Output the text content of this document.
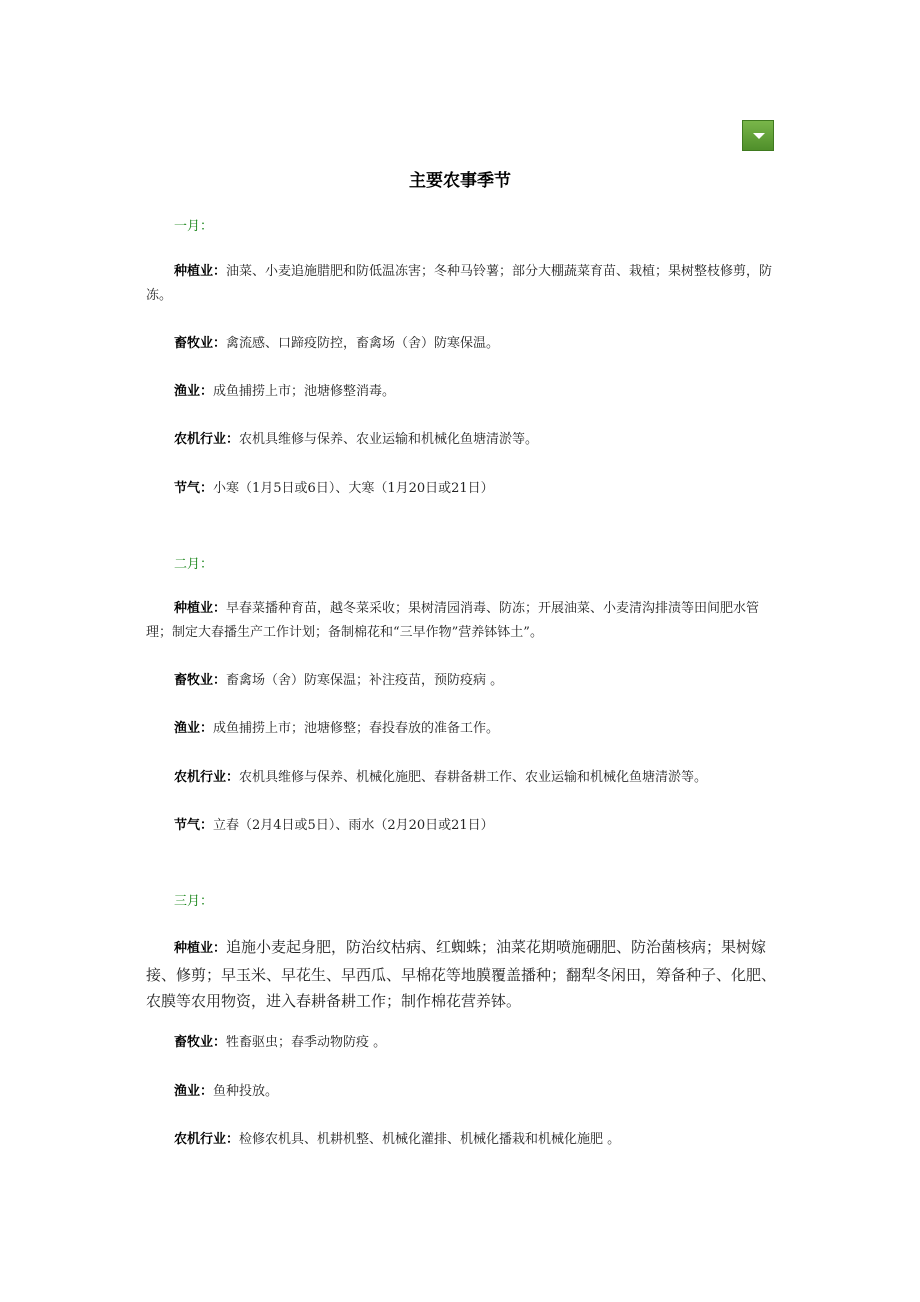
主要农事季节

一月：

种植业：油菜、小麦追施腊肥和防低温冻害；冬种马铃薯；部分大棚蔬菜育苗、栽植；果树整枝修剪，防冻。

畜牧业：禽流感、口蹄疫防控，畜禽场（舍）防寒保温。

渔业：成鱼捕捞上市；池塘修整消毒。

农机行业：农机具维修与保养、农业运输和机械化鱼塘清淤等。

节气：小寒（1月5日或6日）、大寒（1月20日或21日）

二月：

种植业：早春菜播种育苗，越冬菜采收；果树清园消毒、防冻；开展油菜、小麦清沟排渍等田间肥水管理；制定大春播生产工作计划；备制棉花和“三早作物”营养钵钵土”。

畜牧业：畜禽场（舍）防寒保温；补注疫苗，预防疫病 。

渔业：成鱼捕捞上市；池塘修整；春投春放的准备工作。

农机行业：农机具维修与保养、机械化施肥、春耕备耕工作、农业运输和机械化鱼塘清淤等。

节气：立春（2月4日或5日）、雨水（2月20日或21日）

三月：

种植业：追施小麦起身肥，防治纹枯病、红蜘蛛；油菜花期喷施硼肥、防治菌核病；果树嫁接、修剪；早玉米、早花生、早西瓜、早棉花等地膜覆盖播种；翻犁冬闲田，筹备种子、化肥、农膜等农用物资，进入春耕备耕工作；制作棉花营养钵。

畜牧业：牲畜驱虫；春季动物防疫 。

渔业：鱼种投放。

农机行业：检修农机具、机耕机整、机械化灌排、机械化播栽和机械化施肥 。
